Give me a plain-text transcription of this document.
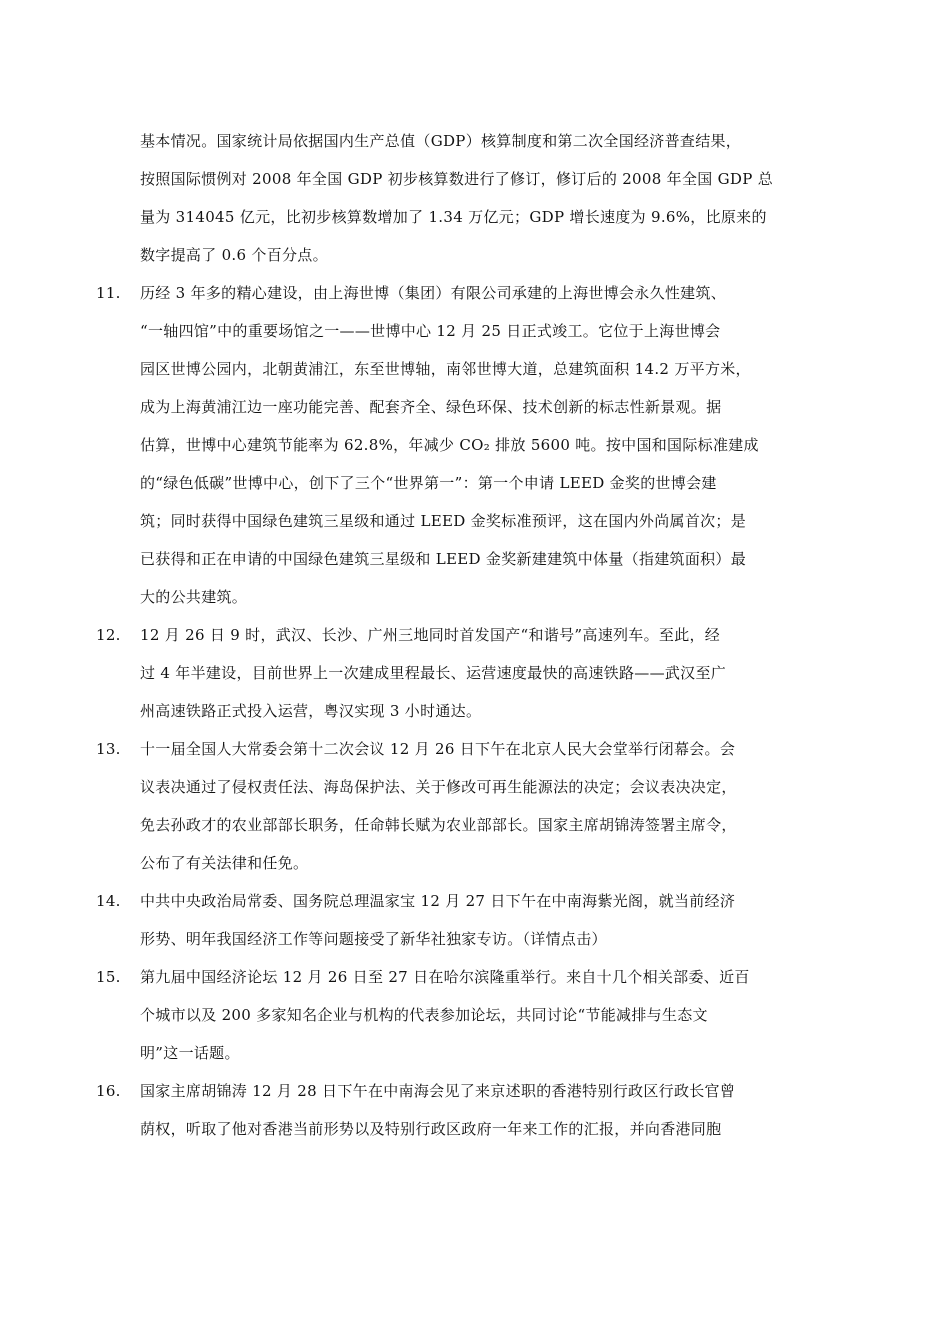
基本情况。国家统计局依据国内生产总值（GDP）核算制度和第二次全国经济普查结果，
按照国际惯例对 2008 年全国 GDP 初步核算数进行了修订，修订后的 2008 年全国 GDP 总
量为 314045 亿元，比初步核算数增加了 1.34 万亿元；GDP 增长速度为 9.6%，比原来的
数字提高了 0.6 个百分点。
11.	历经 3 年多的精心建设，由上海世博（集团）有限公司承建的上海世博会永久性建筑、
“一轴四馆”中的重要场馆之一——世博中心 12 月 25 日正式竣工。它位于上海世博会
园区世博公园内，北朝黄浦江，东至世博轴，南邻世博大道，总建筑面积 14.2 万平方米，
成为上海黄浦江边一座功能完善、配套齐全、绿色环保、技术创新的标志性新景观。据
估算，世博中心建筑节能率为 62.8%，年减少 CO₂ 排放 5600 吨。按中国和国际标准建成
的“绿色低碳”世博中心，创下了三个“世界第一”：第一个申请 LEED 金奖的世博会建
筑；同时获得中国绿色建筑三星级和通过 LEED 金奖标准预评，这在国内外尚属首次；是
已获得和正在申请的中国绿色建筑三星级和 LEED 金奖新建建筑中体量（指建筑面积）最
大的公共建筑。
12.	12 月 26 日 9 时，武汉、长沙、广州三地同时首发国产“和谐号”高速列车。至此，经
过 4 年半建设，目前世界上一次建成里程最长、运营速度最快的高速铁路——武汉至广
州高速铁路正式投入运营，粤汉实现 3 小时通达。
13.	十一届全国人大常委会第十二次会议 12 月 26 日下午在北京人民大会堂举行闭幕会。会
议表决通过了侵权责任法、海岛保护法、关于修改可再生能源法的决定；会议表决决定，
免去孙政才的农业部部长职务，任命韩长赋为农业部部长。国家主席胡锦涛签署主席令，
公布了有关法律和任免。
14.	中共中央政治局常委、国务院总理温家宝 12 月 27 日下午在中南海紫光阁，就当前经济
形势、明年我国经济工作等问题接受了新华社独家专访。（详情点击）
15.	第九届中国经济论坛 12 月 26 日至 27 日在哈尔滨隆重举行。来自十几个相关部委、近百
个城市以及 200 多家知名企业与机构的代表参加论坛，共同讨论“节能减排与生态文
明”这一话题。
16.	国家主席胡锦涛 12 月 28 日下午在中南海会见了来京述职的香港特别行政区行政长官曾
荫权，听取了他对香港当前形势以及特别行政区政府一年来工作的汇报，并向香港同胞
